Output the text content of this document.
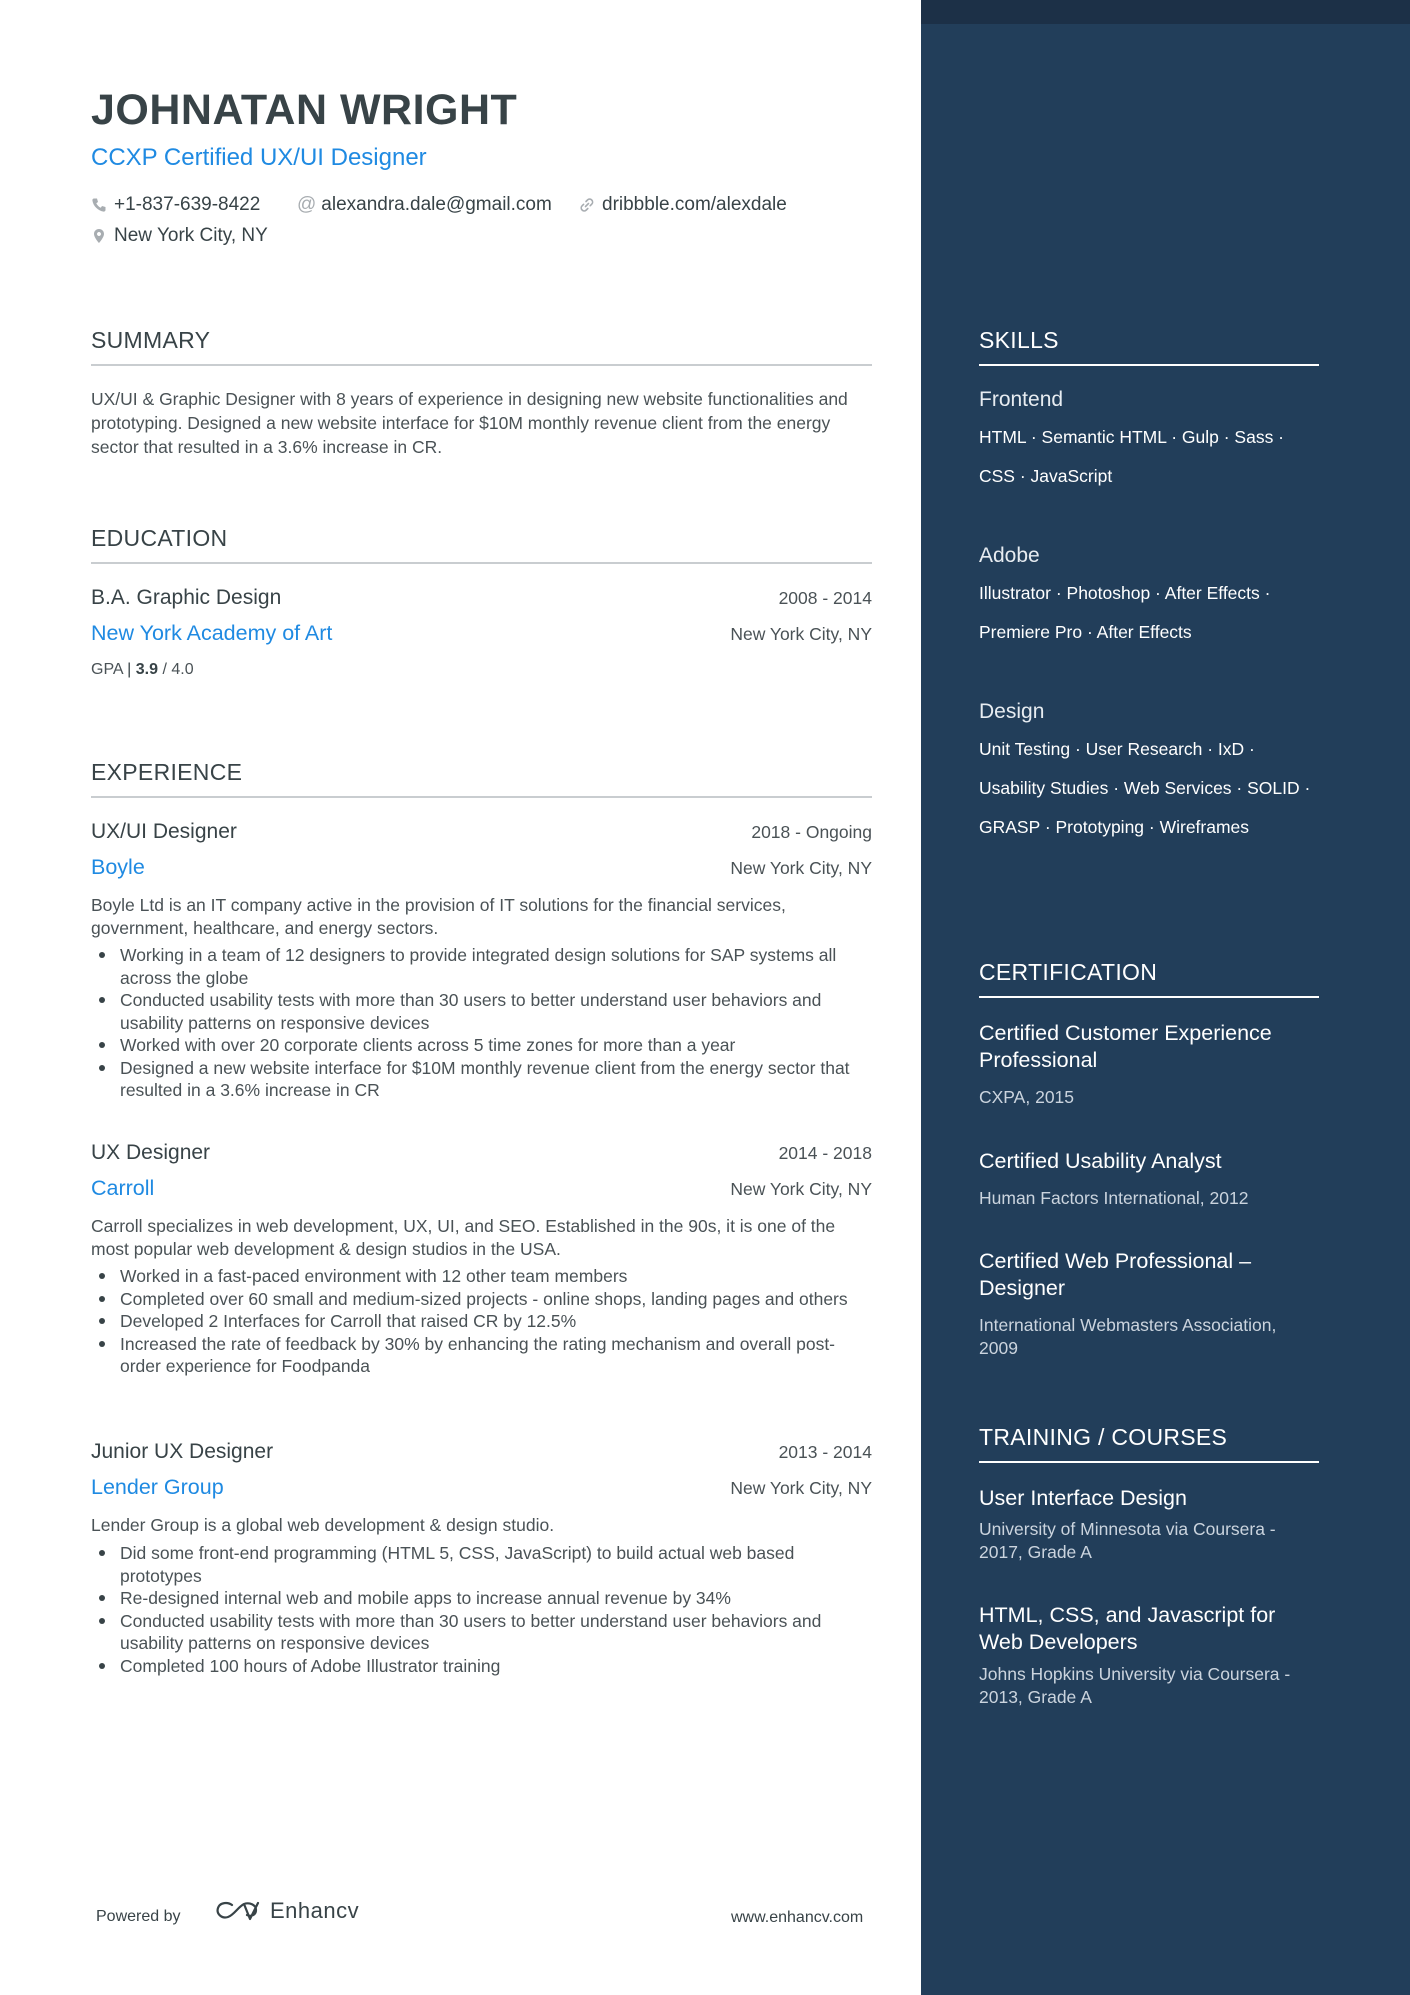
JOHNATAN WRIGHT
CCXP Certified UX/UI Designer
+1-837-639-8422 @ alexandra.dale@gmail.com	dribbble.com/alexdale
New York City, NY
SUMMARY
UX/UI & Graphic Designer with 8 years of experience in designing new website functionalities and prototyping. Designed a new website interface for $10M monthly revenue client from the energy sector that resulted in a 3.6% increase in CR.
EDUCATION
B.A. Graphic Design	2008 - 2014
New York Academy of Art	New York City, NY
GPA | 3.9 / 4.0
EXPERIENCE
UX/UI Designer	2018 - Ongoing
Boyle	New York City, NY
Boyle Ltd is an IT company active in the provision of IT solutions for the financial services, government, healthcare, and energy sectors.
Working in a team of 12 designers to provide integrated design solutions for SAP systems all across the globe
Conducted usability tests with more than 30 users to better understand user behaviors and usability patterns on responsive devices
Worked with over 20 corporate clients across 5 time zones for more than a year
Designed a new website interface for $10M monthly revenue client from the energy sector that resulted in a 3.6% increase in CR
UX Designer	2014 - 2018
Carroll	New York City, NY
Carroll specializes in web development, UX, UI, and SEO. Established in the 90s, it is one of the most popular web development & design studios in the USA.
Worked in a fast-paced environment with 12 other team members
Completed over 60 small and medium-sized projects - online shops, landing pages and others
Developed 2 Interfaces for Carroll that raised CR by 12.5%
Increased the rate of feedback by 30% by enhancing the rating mechanism and overall post-order experience for Foodpanda
Junior UX Designer	2013 - 2014
Lender Group	New York City, NY
Lender Group is a global web development & design studio.
Did some front-end programming (HTML 5, CSS, JavaScript) to build actual web based prototypes
Re-designed internal web and mobile apps to increase annual revenue by 34%
Conducted usability tests with more than 30 users to better understand user behaviors and usability patterns on responsive devices
Completed 100 hours of Adobe Illustrator training
SKILLS
Frontend
HTML · Semantic HTML · Gulp · Sass · CSS · JavaScript
Adobe
Illustrator · Photoshop · After Effects · Premiere Pro · After Effects
Design
Unit Testing · User Research · IxD · Usability Studies · Web Services · SOLID · GRASP · Prototyping · Wireframes
CERTIFICATION
Certified Customer Experience Professional
CXPA, 2015
Certified Usability Analyst
Human Factors International, 2012
Certified Web Professional – Designer
International Webmasters Association, 2009
TRAINING / COURSES
User Interface Design
University of Minnesota via Coursera - 2017, Grade A
HTML, CSS, and Javascript for Web Developers
Johns Hopkins University via Coursera - 2013, Grade A
Powered by	Enhancv	www.enhancv.com
